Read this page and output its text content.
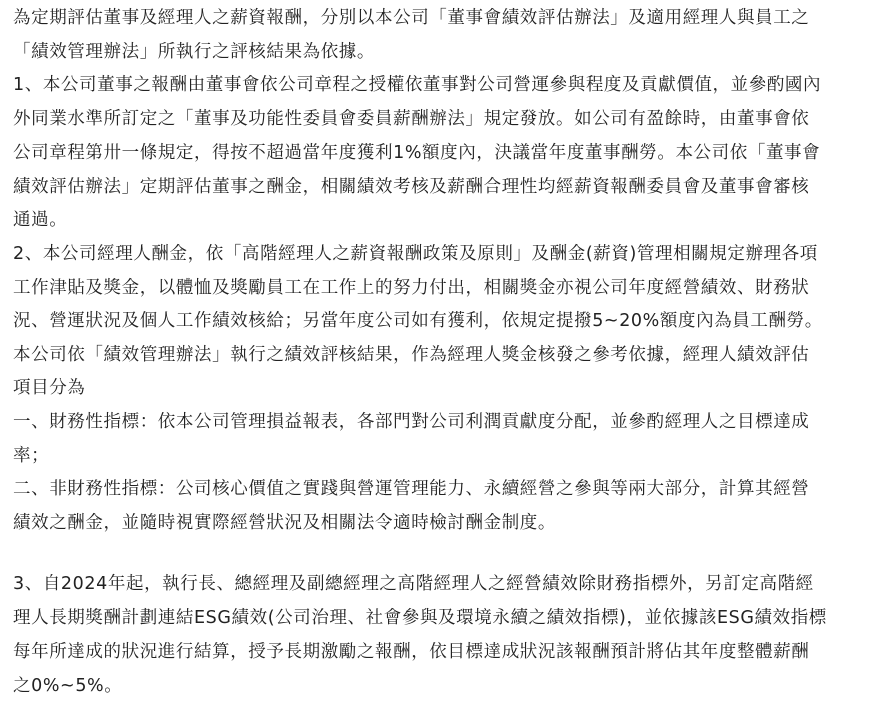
為定期評估董事及經理人之薪資報酬，分別以本公司「董事會績效評估辦法」及適用經理人與員工之
「績效管理辦法」所執行之評核結果為依據。
1、本公司董事之報酬由董事會依公司章程之授權依董事對公司營運參與程度及貢獻價值，並參酌國內
外同業水準所訂定之「董事及功能性委員會委員薪酬辦法」規定發放。如公司有盈餘時，由董事會依
公司章程第卅一條規定，得按不超過當年度獲利1%額度內，決議當年度董事酬勞。本公司依「董事會
績效評估辦法」定期評估董事之酬金，相關績效考核及薪酬合理性均經薪資報酬委員會及董事會審核
通過。
2、本公司經理人酬金，依「高階經理人之薪資報酬政策及原則」及酬金(薪資)管理相關規定辦理各項
工作津貼及獎金，以體恤及獎勵員工在工作上的努力付出，相關獎金亦視公司年度經營績效、財務狀
況、營運狀況及個人工作績效核給；另當年度公司如有獲利，依規定提撥5~20%額度內為員工酬勞。
本公司依「績效管理辦法」執行之績效評核結果，作為經理人獎金核發之參考依據，經理人績效評估
項目分為
一、財務性指標：依本公司管理損益報表，各部門對公司利潤貢獻度分配，並參酌經理人之目標達成
率；
二、非財務性指標：公司核心價值之實踐與營運管理能力、永續經營之參與等兩大部分，計算其經營
績效之酬金，並隨時視實際經營狀況及相關法令適時檢討酬金制度。
3、自2024年起，執行長、總經理及副總經理之高階經理人之經營績效除財務指標外，另訂定高階經
理人長期獎酬計劃連結ESG績效(公司治理、社會參與及環境永續之績效指標)，並依據該ESG績效指標
每年所達成的狀況進行結算，授予長期激勵之報酬，依目標達成狀況該報酬預計將佔其年度整體薪酬
之0%~5%。
